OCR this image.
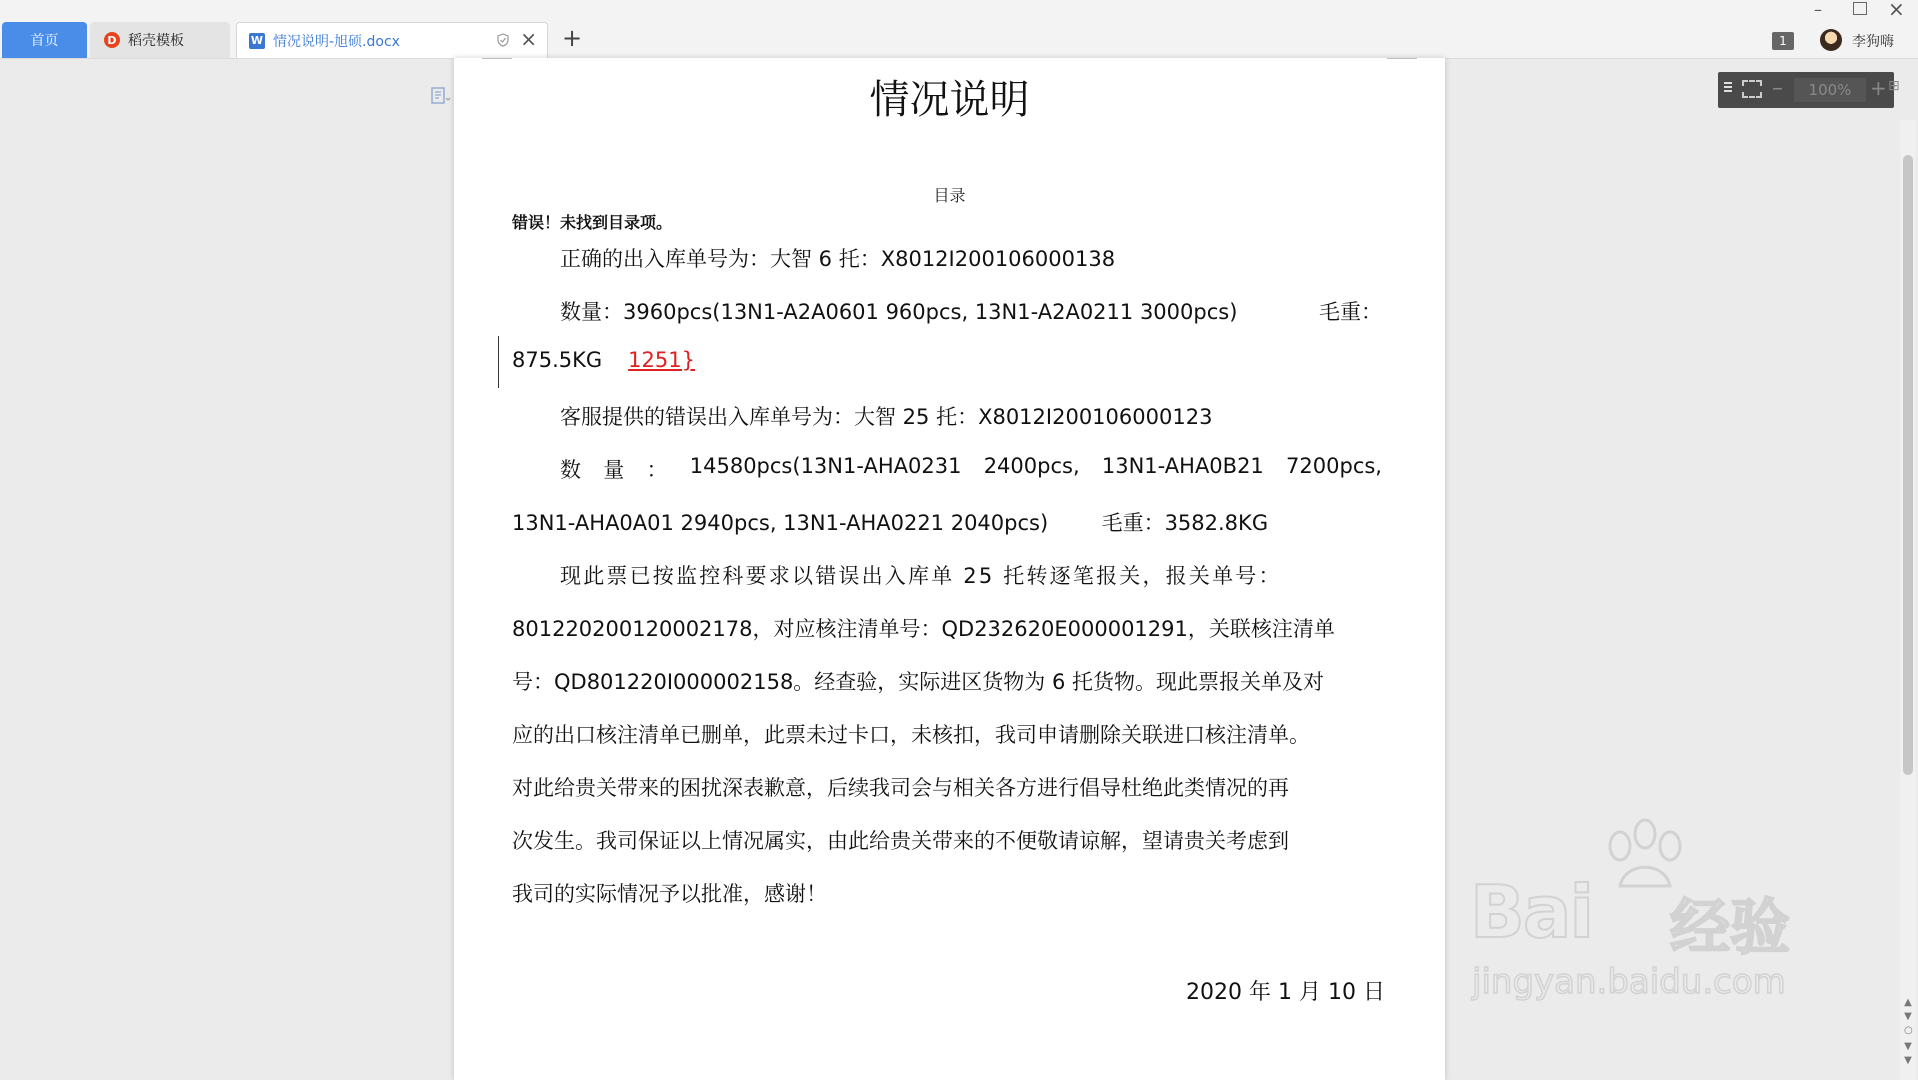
首页	D 稻壳模板	W 情况说明-旭硕.docx	× +
–	×
1	李狗嗨
情况说明
目录
错误！未找到目录项。
正确的出入库单号为：大智 6 托：X8012I200106000138
数量：3960pcs(13N1-A2A0601 960pcs, 13N1-A2A0211 3000pcs)	毛重：
875.5KG 1251}
客服提供的错误出入库单号为：大智 25 托：X8012I200106000123
数 量 ： 14580pcs(13N1-AHA0231 2400pcs, 13N1-AHA0B21 7200pcs,
13N1-AHA0A01 2940pcs, 13N1-AHA0221 2040pcs)        毛重：3582.8KG
现此票已按监控科要求以错误出入库单 25 托转逐笔报关，报关单号：
801220200120002178，对应核注清单号：QD232620E000001291，关联核注清单
号：QD801220I000002158。经查验，实际进区货物为 6 托货物。现此票报关单及对
应的出口核注清单已删单，此票未过卡口，未核扣，我司申请删除关联进口核注清单。
对此给贵关带来的困扰深表歉意，后续我司会与相关各方进行倡导杜绝此类情况的再
次发生。我司保证以上情况属实，由此给贵关带来的不便敬请谅解，望请贵关考虑到
我司的实际情况予以批准，感谢！
2020 年 1 月 10 日
–	100% + ⊞
▲
▼
○
▼
▼
Bai 经验
jingyan.baidu.com
